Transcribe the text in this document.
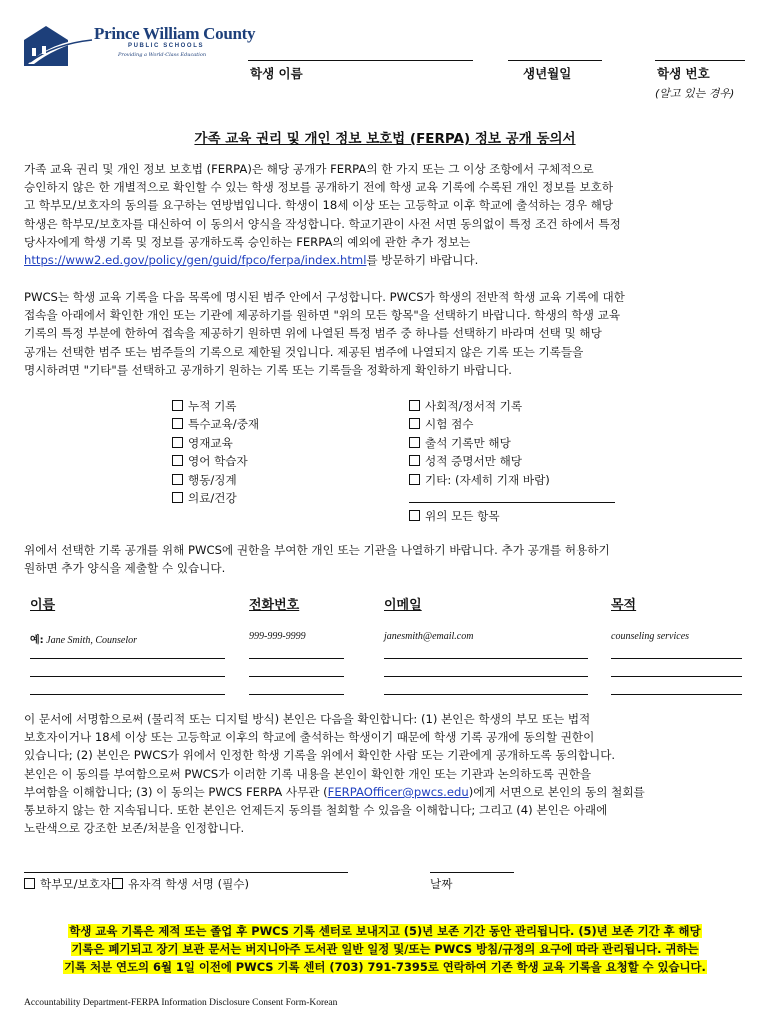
Prince William County
PUBLIC SCHOOLS
Providing a World-Class Education
학생 이름	생년월일	학생 번호
(알고 있는 경우)
가족 교육 권리 및 개인 정보 보호법 (FERPA) 정보 공개 동의서
가족 교육 권리 및 개인 정보 보호법 (FERPA)은 해당 공개가 FERPA의 한 가지 또는 그 이상 조항에서 구체적으로
승인하지 않은 한 개별적으로 확인할 수 있는 학생 정보를 공개하기 전에 학생 교육 기록에 수록된 개인 정보를 보호하
고 학부모/보호자의 동의를 요구하는 연방법입니다. 학생이 18세 이상 또는 고등학교 이후 학교에 출석하는 경우 해당
학생은 학부모/보호자를 대신하여 이 동의서 양식을 작성합니다. 학교기관이 사전 서면 동의없이 특정 조건 하에서 특정
당사자에게 학생 기록 및 정보를 공개하도록 승인하는 FERPA의 예외에 관한 추가 정보는
https://www2.ed.gov/policy/gen/guid/fpco/ferpa/index.html를 방문하기 바랍니다.
PWCS는 학생 교육 기록을 다음 목록에 명시된 범주 안에서 구성합니다. PWCS가 학생의 전반적 학생 교육 기록에 대한
접속을 아래에서 확인한 개인 또는 기관에 제공하기를 원하면 "위의 모든 항목"을 선택하기 바랍니다. 학생의 학생 교육
기록의 특정 부분에 한하여 접속을 제공하기 원하면 위에 나열된 특정 범주 중 하나를 선택하기 바라며 선택 및 해당
공개는 선택한 범주 또는 범주들의 기록으로 제한될 것입니다. 제공된 범주에 나열되지 않은 기록 또는 기록들을
명시하려면 "기타"를 선택하고 공개하기 원하는 기록 또는 기록들을 정확하게 확인하기 바랍니다.
누적 기록
특수교육/중재
영재교육
영어 학습자
행동/징계
의료/건강
사회적/정서적 기록
시험 점수
출석 기록만 해당
성적 증명서만 해당
기타: (자세히 기재 바람)
위의 모든 항목
위에서 선택한 기록 공개를 위해 PWCS에 권한을 부여한 개인 또는 기관을 나열하기 바랍니다. 추가 공개를 허용하기
원하면 추가 양식을 제출할 수 있습니다.
이름	전화번호	이메일	목적
예: Jane Smith, Counselor	999-999-9999	janesmith@email.com	counseling services
이 문서에 서명함으로써 (물리적 또는 디지털 방식) 본인은 다음을 확인합니다: (1) 본인은 학생의 부모 또는 법적
보호자이거나 18세 이상 또는 고등학교 이후의 학교에 출석하는 학생이기 때문에 학생 기록 공개에 동의할 권한이
있습니다; (2) 본인은 PWCS가 위에서 인정한 학생 기록을 위에서 확인한 사람 또는 기관에게 공개하도록 동의합니다.
본인은 이 동의를 부여함으로써 PWCS가 이러한 기록 내용을 본인이 확인한 개인 또는 기관과 논의하도록 권한을
부여함을 이해합니다; (3) 이 동의는 PWCS FERPA 사무관 (FERPAOfficer@pwcs.edu)에게 서면으로 본인의 동의 철회를
통보하지 않는 한 지속됩니다. 또한 본인은 언제든지 동의를 철회할 수 있음을 이해합니다; 그리고 (4) 본인은 아래에
노란색으로 강조한 보존/처분을 인정합니다.
학부모/보호자 유자격 학생 서명 (필수)	날짜
학생 교육 기록은 제적 또는 졸업 후 PWCS 기록 센터로 보내지고 (5)년 보존 기간 동안 관리됩니다. (5)년 보존 기간 후 해당
기록은 폐기되고 장기 보관 문서는 버지니아주 도서관 일반 일정 및/또는 PWCS 방침/규정의 요구에 따라 관리됩니다. 귀하는
기록 처분 연도의 6월 1일 이전에 PWCS 기록 센터 (703) 791-7395로 연락하여 기존 학생 교육 기록을 요청할 수 있습니다.
Accountability Department-FERPA Information Disclosure Consent Form-Korean
